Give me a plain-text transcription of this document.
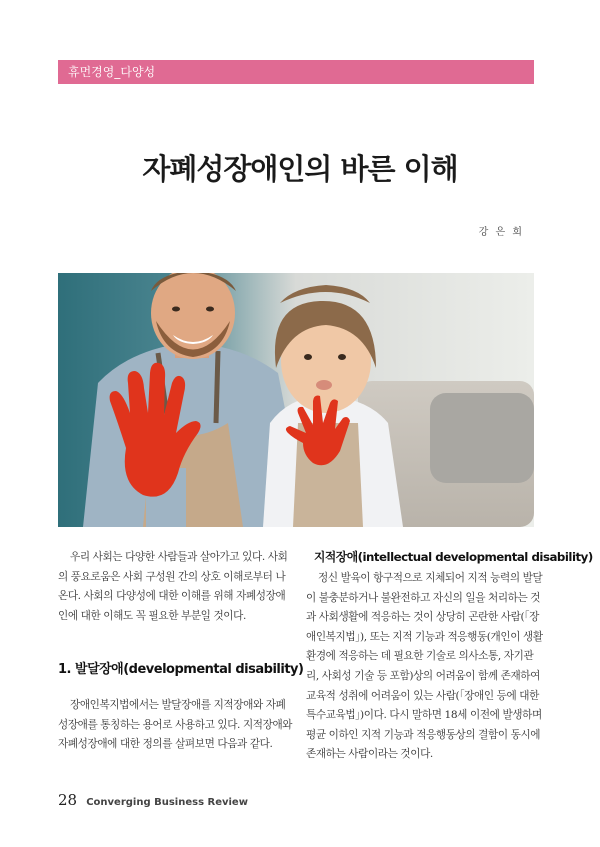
휴먼경영_다양성
자폐성장애인의 바른 이해
강 은 희

우리 사회는 다양한 사람들과 살아가고 있다. 사회

의 풍요로움은 사회 구성원 간의 상호 이해로부터 나

온다. 사회의 다양성에 대한 이해를 위해 자폐성장애

인에 대한 이해도 꼭 필요한 부분일 것이다.

1. 발달장애(developmental disability)

장애인복지법에서는 발달장애를 지적장애와 자폐

성장애를 통칭하는 용어로 사용하고 있다. 지적장애와

자폐성장애에 대한 정의를 살펴보면 다음과 같다.

지적장애(intellectual developmental disability)

정신 발육이 항구적으로 지체되어 지적 능력의 발달

이 불충분하거나 불완전하고 자신의 일을 처리하는 것

과 사회생활에 적응하는 것이 상당히 곤란한 사람(「장

애인복지법」), 또는 지적 기능과 적응행동(개인이 생활

환경에 적응하는 데 필요한 기술로 의사소통, 자기관

리, 사회성 기술 등 포함)상의 어려움이 함께 존재하여

교육적 성취에 어려움이 있는 사람(「장애인 등에 대한

특수교육법」)이다. 다시 말하면 18세 이전에 발생하며

평균 이하인 지적 기능과 적응행동상의 결함이 동시에

존재하는 사람이라는 것이다.

28 Converging Business Review
